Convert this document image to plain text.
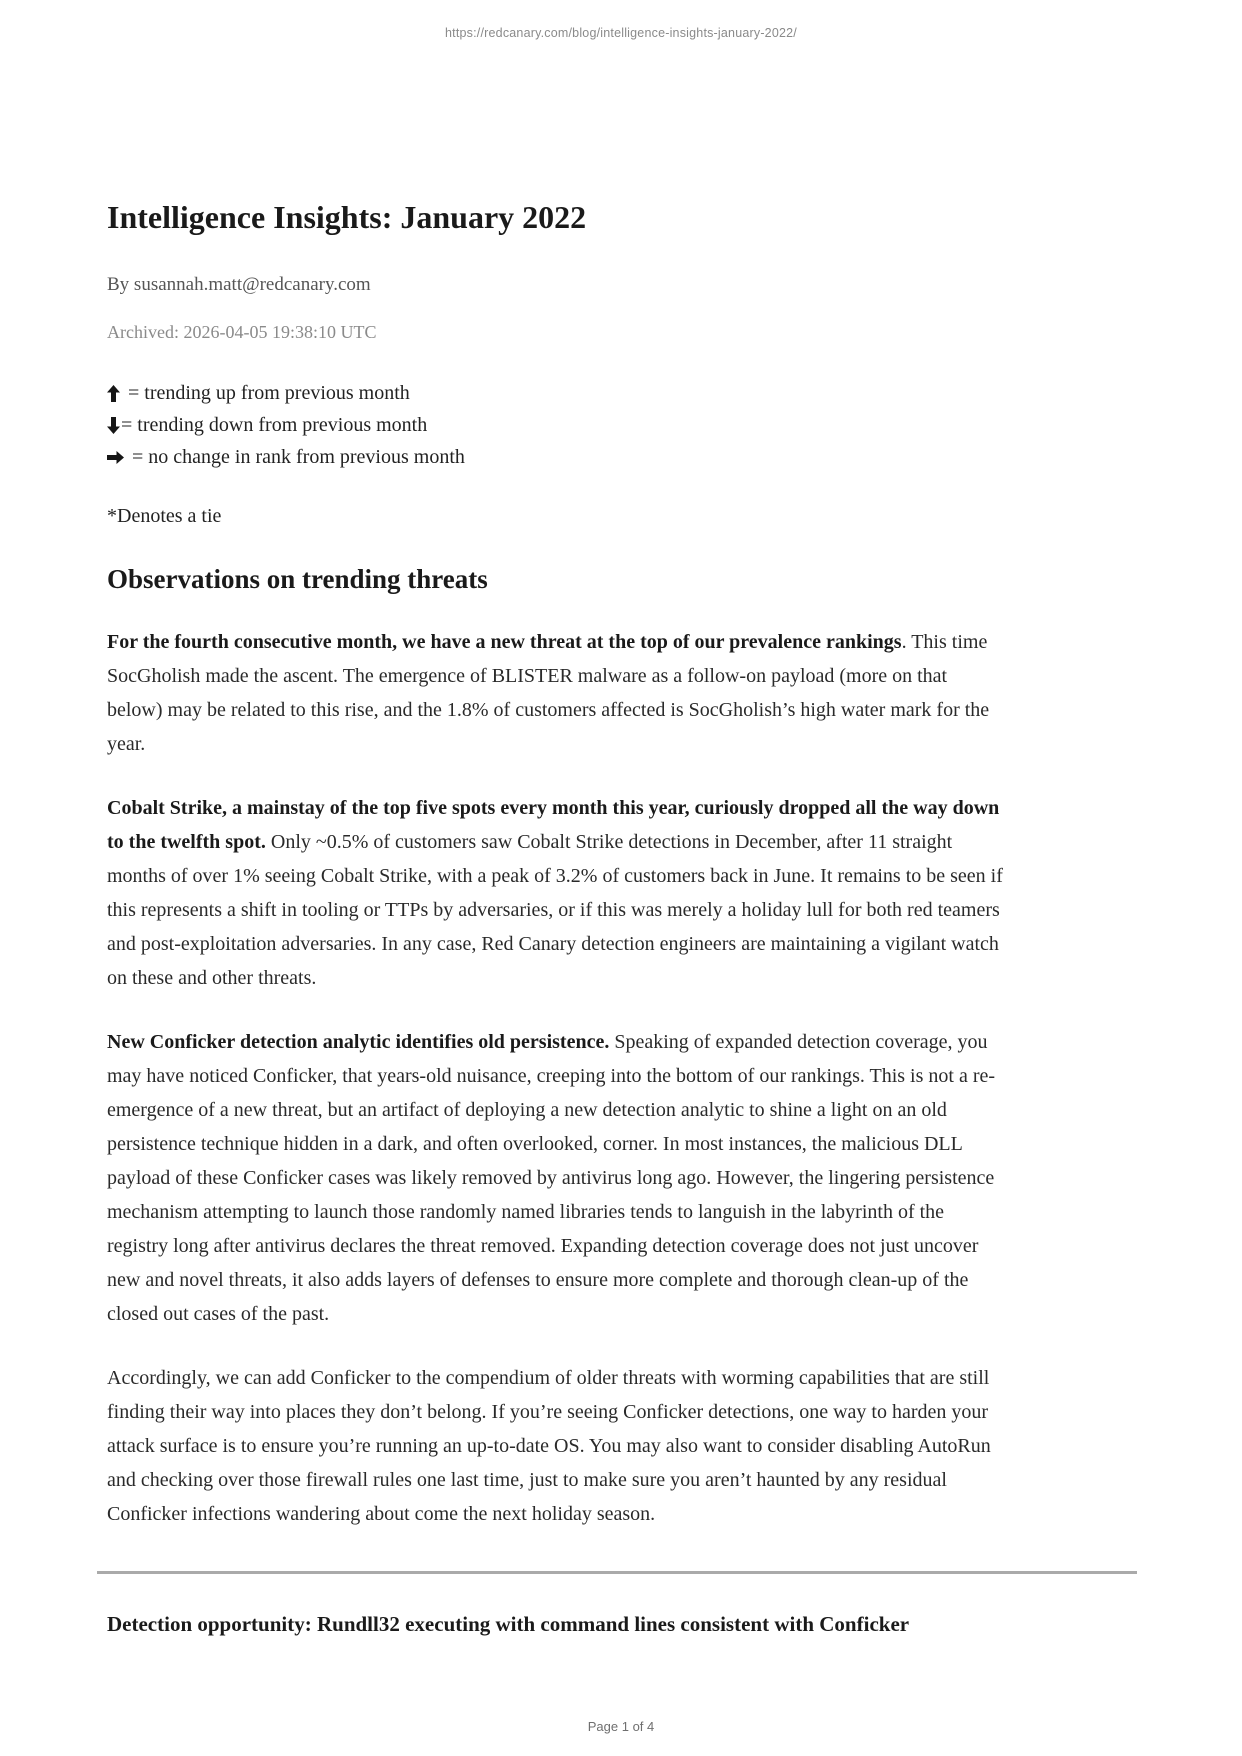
https://redcanary.com/blog/intelligence-insights-january-2022/
Intelligence Insights: January 2022

By susannah.matt@redcanary.com

Archived: 2026-04-05 19:38:10 UTC

= trending up from previous month
= trending down from previous month
= no change in rank from previous month

*Denotes a tie

Observations on trending threats

For the fourth consecutive month, we have a new threat at the top of our prevalence rankings. This time SocGholish made the ascent. The emergence of BLISTER malware as a follow-on payload (more on that below) may be related to this rise, and the 1.8% of customers affected is SocGholish’s high water mark for the year.

Cobalt Strike, a mainstay of the top five spots every month this year, curiously dropped all the way down to the twelfth spot. Only ~0.5% of customers saw Cobalt Strike detections in December, after 11 straight months of over 1% seeing Cobalt Strike, with a peak of 3.2% of customers back in June. It remains to be seen if this represents a shift in tooling or TTPs by adversaries, or if this was merely a holiday lull for both red teamers and post-exploitation adversaries. In any case, Red Canary detection engineers are maintaining a vigilant watch on these and other threats.

New Conficker detection analytic identifies old persistence. Speaking of expanded detection coverage, you may have noticed Conficker, that years-old nuisance, creeping into the bottom of our rankings. This is not a re-emergence of a new threat, but an artifact of deploying a new detection analytic to shine a light on an old persistence technique hidden in a dark, and often overlooked, corner. In most instances, the malicious DLL payload of these Conficker cases was likely removed by antivirus long ago. However, the lingering persistence mechanism attempting to launch those randomly named libraries tends to languish in the labyrinth of the registry long after antivirus declares the threat removed. Expanding detection coverage does not just uncover new and novel threats, it also adds layers of defenses to ensure more complete and thorough clean-up of the closed out cases of the past.

Accordingly, we can add Conficker to the compendium of older threats with worming capabilities that are still finding their way into places they don’t belong. If you’re seeing Conficker detections, one way to harden your attack surface is to ensure you’re running an up-to-date OS. You may also want to consider disabling AutoRun and checking over those firewall rules one last time, just to make sure you aren’t haunted by any residual Conficker infections wandering about come the next holiday season.

Detection opportunity: Rundll32 executing with command lines consistent with Conficker
Page 1 of 4
